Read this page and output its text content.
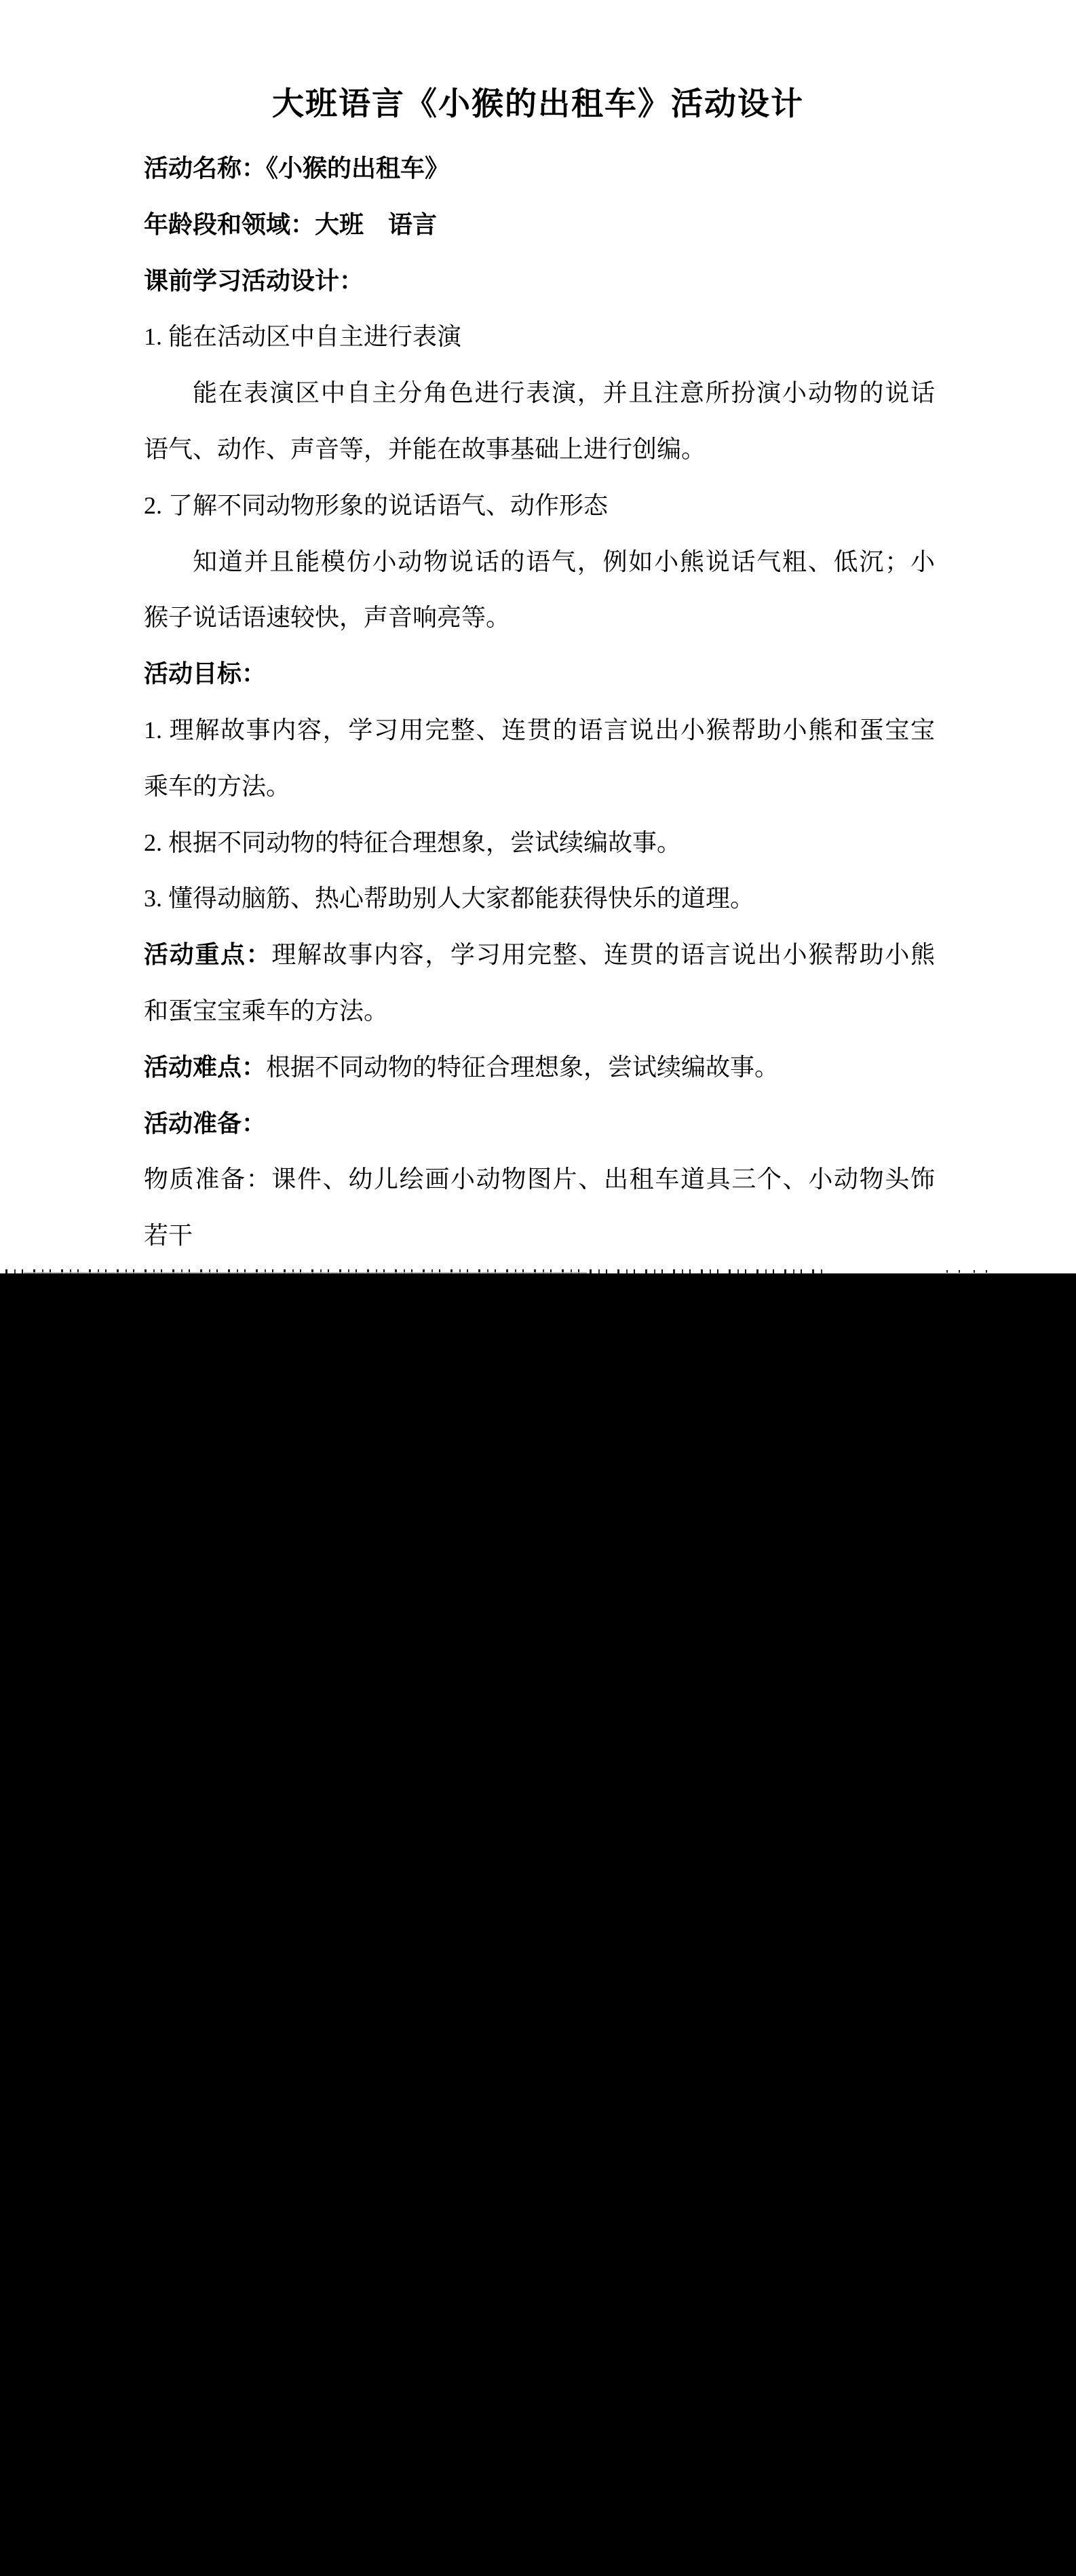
大班语言《小猴的出租车》活动设计
活动名称：《小猴的出租车》
年龄段和领域：大班　语言
课前学习活动设计：
1. 能在活动区中自主进行表演
能在表演区中自主分角色进行表演，并且注意所扮演小动物的说话
语气、动作、声音等，并能在故事基础上进行创编。
2. 了解不同动物形象的说话语气、动作形态
知道并且能模仿小动物说话的语气，例如小熊说话气粗、低沉；小
猴子说话语速较快，声音响亮等。
活动目标：
1. 理解故事内容，学习用完整、连贯的语言说出小猴帮助小熊和蛋宝宝
乘车的方法。
2. 根据不同动物的特征合理想象，尝试续编故事。
3. 懂得动脑筋、热心帮助别人大家都能获得快乐的道理。
活动重点：理解故事内容，学习用完整、连贯的语言说出小猴帮助小熊
和蛋宝宝乘车的方法。
活动难点：根据不同动物的特征合理想象，尝试续编故事。
活动准备：
物质准备：课件、幼儿绘画小动物图片、出租车道具三个、小动物头饰
若干
